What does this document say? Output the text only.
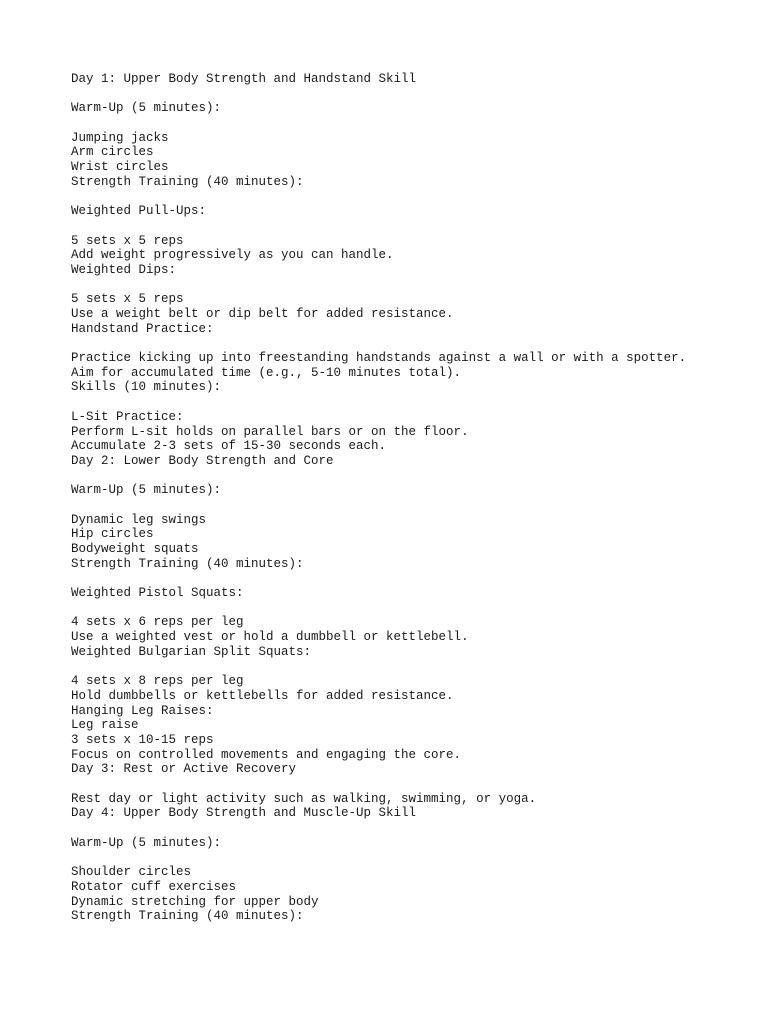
Day 1: Upper Body Strength and Handstand Skill
Warm-Up (5 minutes):
Jumping jacks
Arm circles
Wrist circles
Strength Training (40 minutes):
Weighted Pull-Ups:
5 sets x 5 reps
Add weight progressively as you can handle.
Weighted Dips:
5 sets x 5 reps
Use a weight belt or dip belt for added resistance.
Handstand Practice:
Practice kicking up into freestanding handstands against a wall or with a spotter.
Aim for accumulated time (e.g., 5-10 minutes total).
Skills (10 minutes):
L-Sit Practice:
Perform L-sit holds on parallel bars or on the floor.
Accumulate 2-3 sets of 15-30 seconds each.
Day 2: Lower Body Strength and Core
Warm-Up (5 minutes):
Dynamic leg swings
Hip circles
Bodyweight squats
Strength Training (40 minutes):
Weighted Pistol Squats:
4 sets x 6 reps per leg
Use a weighted vest or hold a dumbbell or kettlebell.
Weighted Bulgarian Split Squats:
4 sets x 8 reps per leg
Hold dumbbells or kettlebells for added resistance.
Hanging Leg Raises:
Leg raise
3 sets x 10-15 reps
Focus on controlled movements and engaging the core.
Day 3: Rest or Active Recovery
Rest day or light activity such as walking, swimming, or yoga.
Day 4: Upper Body Strength and Muscle-Up Skill
Warm-Up (5 minutes):
Shoulder circles
Rotator cuff exercises
Dynamic stretching for upper body
Strength Training (40 minutes):
